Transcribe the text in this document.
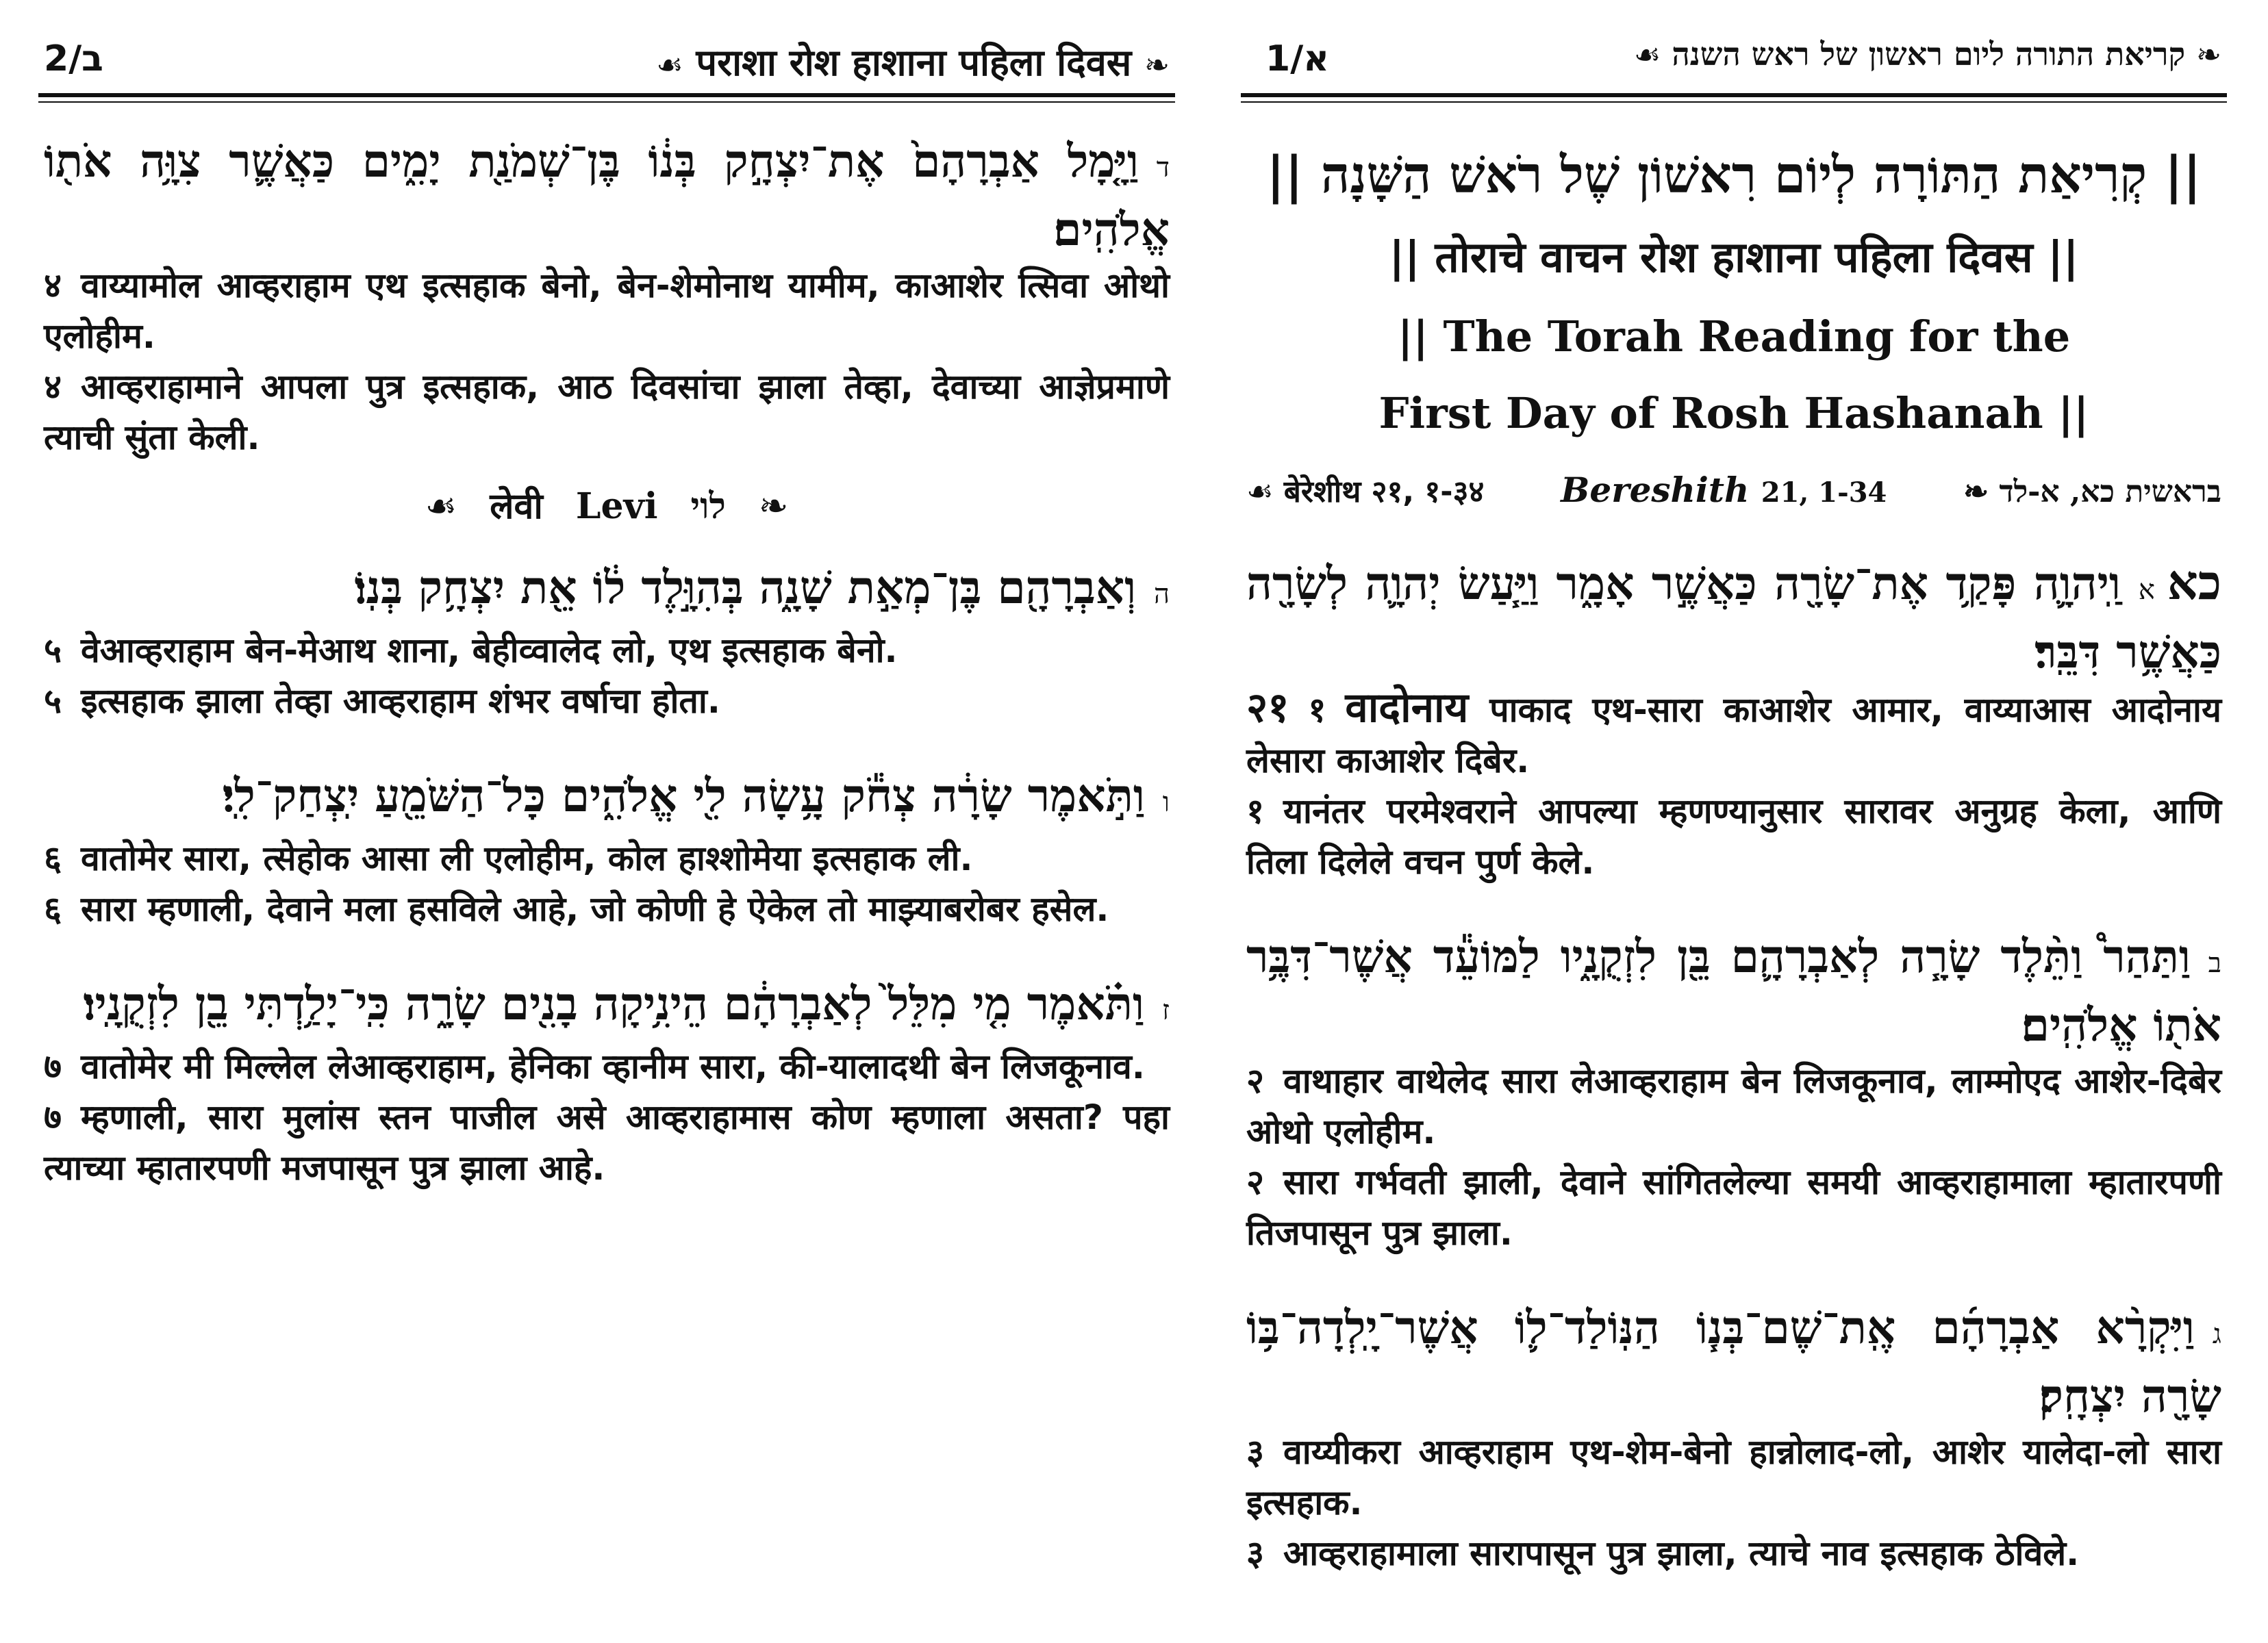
ב/2	☙ पराशा रोश हाशाना पहिला दिवस ❧
דוַיָּ֤מָל אַבְרָהָם֙ אֶת־יִצְחָ֣ק בְּנ֔וֹ בֶּן־שְׁמֹנַ֖ת יָמִ֑ים כַּאֲשֶׁ֛ר צִוָּ֥ה אֹת֖וֹ אֱלֹהִֽים׃
४ वाय्यामोल आव्हराहाम एथ इत्सहाक बेनो, बेन-शेमोनाथ यामीम, काआशेर त्सिवा ओथो एलोहीम.
४ आव्हराहामाने आपला पुत्र इत्सहाक, आठ दिवसांचा झाला तेव्हा, देवाच्या आज्ञेप्रमाणे त्याची सुंता केली.
☙ लेवी Levi לוי ❧
הוְאַבְרָהָ֖ם בֶּן־מְאַ֣ת שָׁנָ֑ה בְּהִוָּ֣לֶד ל֔וֹ אֵ֖ת יִצְחָ֥ק בְּנֽוֹ׃
५ वेआव्हराहाम बेन-मेआथ शाना, बेहीव्वालेद लो, एथ इत्सहाक बेनो.
५ इत्सहाक झाला तेव्हा आव्हराहाम शंभर वर्षाचा होता.
ווַתֹּ֣אמֶר שָׂרָ֔ה צְחֹ֕ק עָ֥שָׂה לִ֖י אֱלֹהִ֑ים כָּל־הַשֹּׁמֵ֖עַ יִֽצְחַק־לִֽי׃
६ वातोमेर सारा, त्सेहोक आसा ली एलोहीम, कोल हाश्शोमेया इत्सहाक ली.
६ सारा म्हणाली, देवाने मला हसविले आहे, जो कोणी हे ऐकेल तो माझ्याबरोबर हसेल.
זוַתֹּ֗אמֶר מִ֤י מִלֵּל֙ לְאַבְרָהָ֔ם הֵינִ֥יקָה בָנִ֖ים שָׂרָ֑ה כִּֽי־יָלַ֥דְתִּי בֵ֖ן לִזְקֻנָֽיו׃
७ वातोमेर मी मिल्लेल लेआव्हराहाम, हेनिका व्हानीम सारा, की-यालादथी बेन लिजकूनाव.
७ म्हणाली, सारा मुलांस स्तन पाजील असे आव्हराहामास कोण म्हणाला असता? पहा त्याच्या म्हातारपणी मजपासून पुत्र झाला आहे.
א/1	☙ קריאת התורה ליום ראשון של ראש השנה ❧
|| קְרִיאַת הַתּוֹרָה לְיוֹם רִאשׁוֹן שֶׁל רֹאשׁ הַשָּׁנָה ||
|| तोराचे वाचन रोश हाशाना पहिला दिवस ||
|| The Torah Reading for the
First Day of Rosh Hashanah ||
☙ बेरेशीथ २१, १-३४ Bereshith 21, 1-34	בראשית כא, א-לד ❧
כאאוַֽיהוָ֛ה פָּקַ֥ד אֶת־שָׂרָ֖ה כַּאֲשֶׁ֣ר אָמָ֑ר וַיַּ֧עַשׂ יְהוָ֛ה לְשָׂרָ֖ה כַּאֲשֶׁ֥ר דִּבֵּֽר׃
२१ १ वादोनाय पाकाद एथ-सारा काआशेर आमार, वाय्याआस आदोनाय लेसारा काआशेर दिबेर.
१ यानंतर परमेश्वराने आपल्या म्हणण्यानुसार सारावर अनुग्रह केला, आणि तिला दिलेले वचन पुर्ण केले.
בוַתַּהַר֩ וַתֵּ֨לֶד שָׂרָ֧ה לְאַבְרָהָ֛ם בֵּ֖ן לִזְקֻנָ֑יו לַמּוֹעֵ֕ד אֲשֶׁר־דִּבֶּ֥ר אֹת֖וֹ אֱלֹהִֽים׃
२ वाथाहार वाथेलेद सारा लेआव्हराहाम बेन लिजकूनाव, लाम्मोएद आशेर-दिबेर ओथो एलोहीम.
२ सारा गर्भवती झाली, देवाने सांगितलेल्या समयी आव्हराहामाला म्हातारपणी तिजपासून पुत्र झाला.
גוַיִּקְרָ֨א אַבְרָהָ֜ם אֶֽת־שֶׁם־בְּנ֧וֹ הַנּֽוֹלַד־ל֛וֹ אֲשֶׁר־יָֽלְדָה־בּ֥וֹ שָׂרָ֖ה יִצְחָֽק׃
३ वाय्यीकरा आव्हराहाम एथ-शेम-बेनो हान्नोलाद-लो, आशेर यालेदा-लो सारा इत्सहाक.
३ आव्हराहामाला सारापासून पुत्र झाला, त्याचे नाव इत्सहाक ठेविले.
